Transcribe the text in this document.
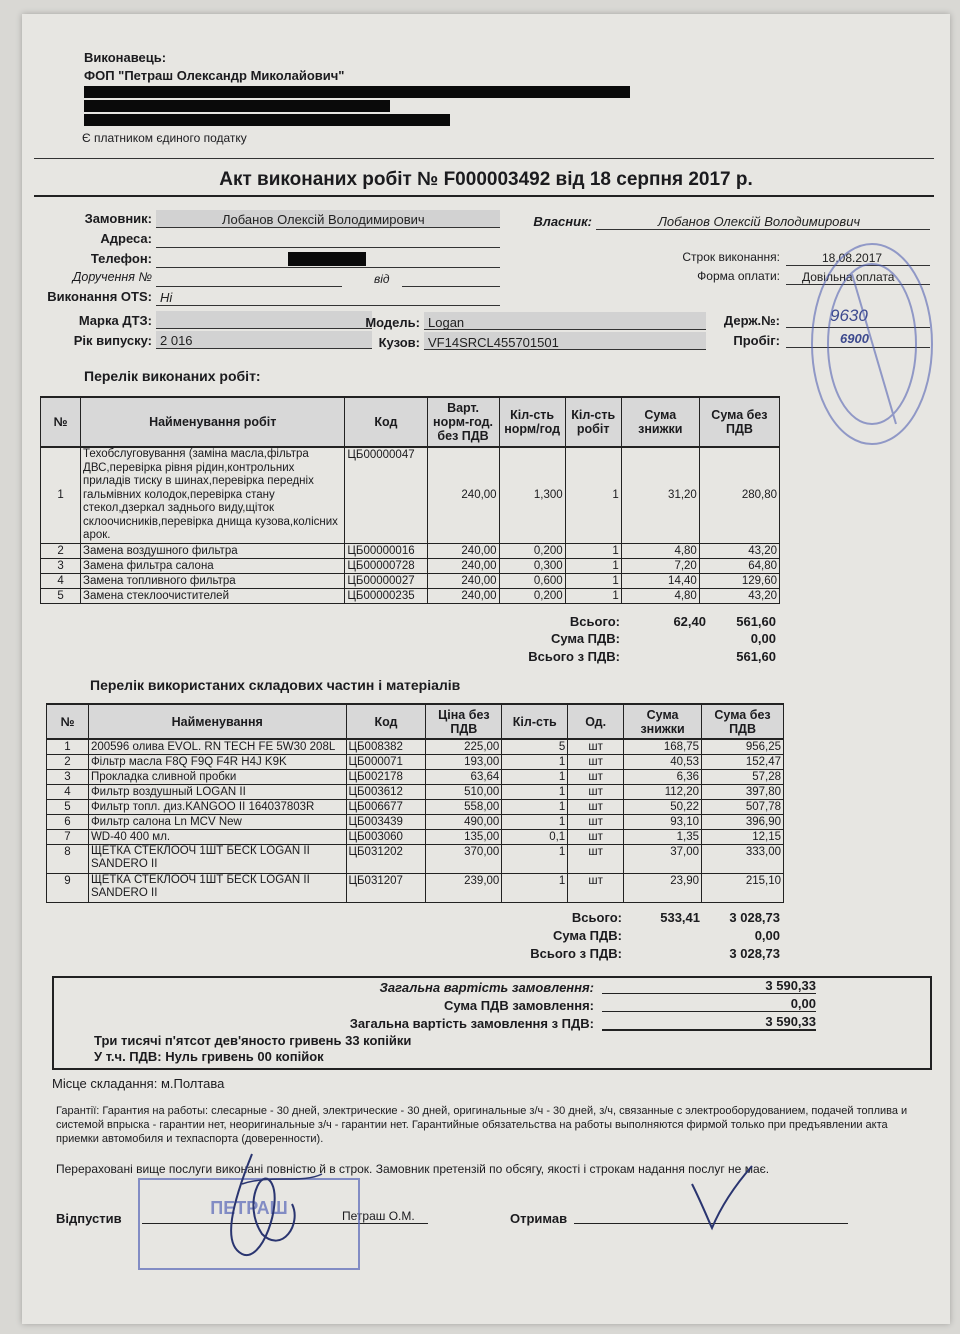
Виконавець:
ФОП "Петраш Олександр Миколайович"
Є платником єдиного податку
Акт виконаних робіт № F000003492 від 18 серпня 2017 р.
Замовник:	Лобанов Олексій Володимирович
Адреса:
Телефон:
Доручення №	від
Виконання OTS: Ні
Власник:	Лобанов Олексій Володимирович
Строк виконання:	18.08.2017
Форма оплати: Довільна оплата
Марка ДТЗ:	Модель: Logan	Держ.№:	9630
Рік випуску: 2 016	Кузов: VF14SRCL455701501	Пробіг:	6900
Перелік виконаних робіт:
№	Найменування робіт	Код	Варт. норм-год. без ПДВ	Кіл-сть норм/год	Кіл-сть робіт	Сума знижки	Сума без ПДВ
1	Техобслуговування (заміна масла,фільтра ДВС,перевірка рівня рідин,контрольних приладів тиску в шинах,перевірка передніх гальмівних колодок,перевірка стану стекол,дзеркал заднього виду,щіток склоочисників,перевірка днища кузова,колісних арок.	ЦБ00000047	240,00	1,300	1	31,20	280,80
2	Замена воздушного фильтра	ЦБ00000016	240,00	0,200	1	4,80	43,20
3	Замена фильтра салона	ЦБ00000728	240,00	0,300	1	7,20	64,80
4	Замена топливного фильтра	ЦБ00000027	240,00	0,600	1	14,40	129,60
5	Замена стеклоочистителей	ЦБ00000235	240,00	0,200	1	4,80	43,20
Всього:	62,40	561,60
Сума ПДВ:	0,00
Всього з ПДВ:	561,60
Перелік використаних складових частин і матеріалів
№	Найменування	Код	Ціна без ПДВ	Кіл-сть	Од.	Сума знижки	Сума без ПДВ
1	200596 олива EVOL. RN TECH FE 5W30 208L	ЦБ008382	225,00	5	шт	168,75	956,25
2	Фільтр масла F8Q F9Q F4R H4J K9K	ЦБ000071	193,00	1	шт	40,53	152,47
3	Прокладка сливной пробки	ЦБ002178	63,64	1	шт	6,36	57,28
4	Фильтр воздушный LOGAN II	ЦБ003612	510,00	1	шт	112,20	397,80
5	Фильтр топл. диз.KANGOO II 164037803R	ЦБ006677	558,00	1	шт	50,22	507,78
6	Фильтр салона Ln MCV New	ЦБ003439	490,00	1	шт	93,10	396,90
7	WD-40 400 мл.	ЦБ003060	135,00	0,1	шт	1,35	12,15
8	ЩЕТКА СТЕКЛООЧ 1ШТ БЕСК LOGAN II SANDERO II	ЦБ031202	370,00	1	шт	37,00	333,00
9	ЩЕТКА СТЕКЛООЧ 1ШТ БЕСК LOGAN II SANDERO II	ЦБ031207	239,00	1	шт	23,90	215,10
Всього:	533,41	3 028,73
Сума ПДВ:	0,00
Всього з ПДВ:	3 028,73
Загальна вартість замовлення:	3 590,33
Сума ПДВ замовлення:	0,00
Загальна вартість замовлення з ПДВ:	3 590,33
Три тисячі п'ятсот дев'яносто гривень 33 копійки
У т.ч. ПДВ: Нуль гривень 00 копійок
Місце складання: м.Полтава
Гарантії: Гарантия на работы: слесарные - 30 дней, электрические - 30 дней, оригинальные з/ч - 30 дней, з/ч, связанные с электрооборудованием, подачей топлива и системой впрыска - гарантии нет, неоригинальные з/ч - гарантии нет. Гарантийные обязательства на работы выполняются фирмой только при предъявлении акта приемки автомобиля и техпаспорта (доверенности).
Перераховані вище послуги виконані повністю й в строк. Замовник претензій по обсягу, якості і строкам надання послуг не має.
Відпустив	Петраш О.М.	Отримав
ПЕТРАШ
